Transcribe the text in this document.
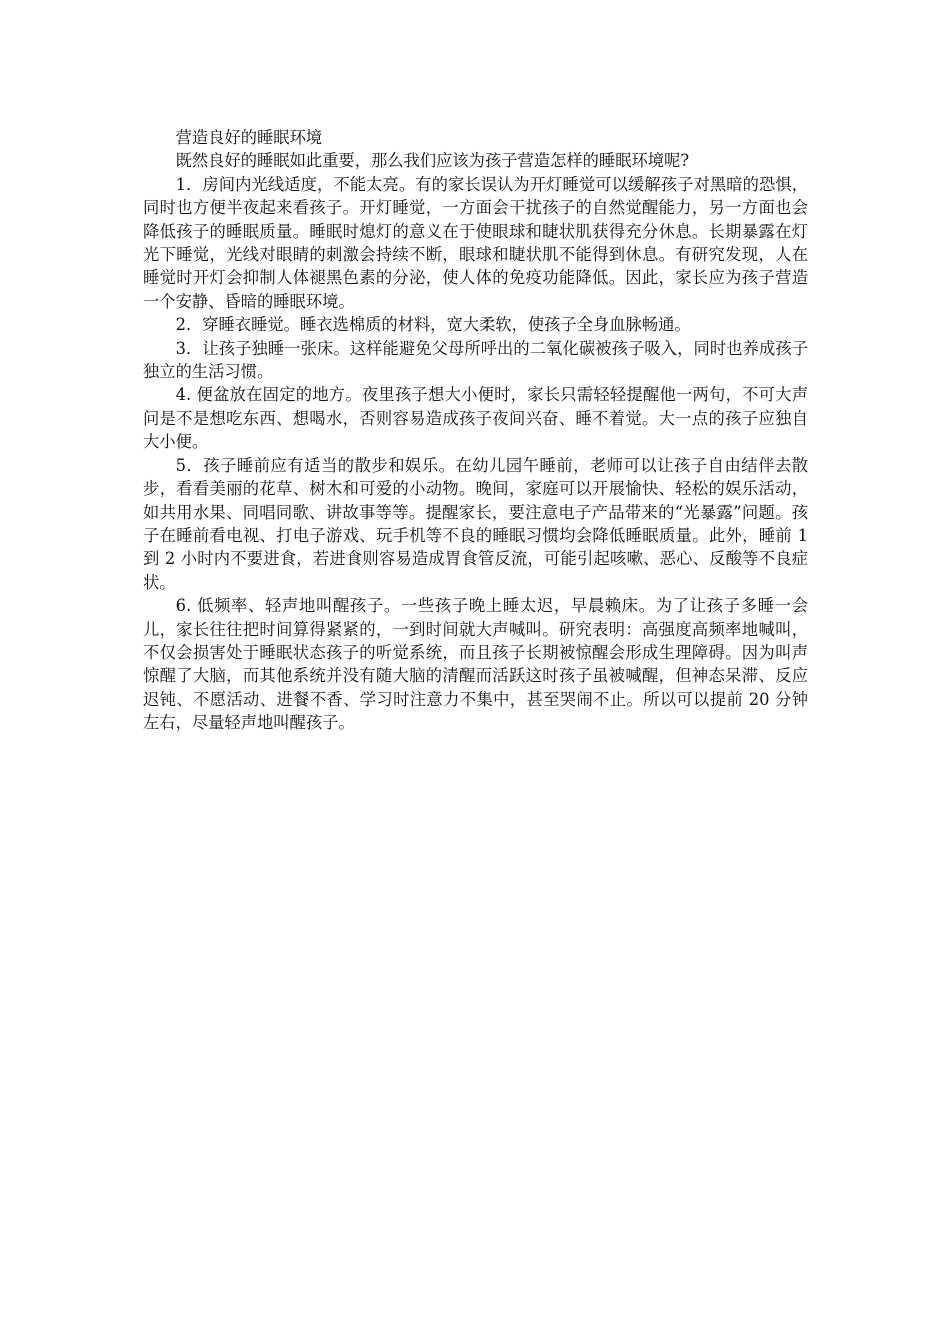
营造良好的睡眠环境

既然良好的睡眠如此重要，那么我们应该为孩子营造怎样的睡眠环境呢?

1．房间内光线适度，不能太亮。有的家长误认为开灯睡觉可以缓解孩子对黑暗的恐惧，同时也方便半夜起来看孩子。开灯睡觉，一方面会干扰孩子的自然觉醒能力，另一方面也会降低孩子的睡眠质量。睡眠时熄灯的意义在于使眼球和睫状肌获得充分休息。长期暴露在灯光下睡觉，光线对眼睛的刺激会持续不断，眼球和睫状肌不能得到休息。有研究发现，人在睡觉时开灯会抑制人体褪黑色素的分泌，使人体的免疫功能降低。因此，家长应为孩子营造一个安静、昏暗的睡眠环境。

2．穿睡衣睡觉。睡衣选棉质的材料，宽大柔软，使孩子全身血脉畅通。

3．让孩子独睡一张床。这样能避免父母所呼出的二氧化碳被孩子吸入，同时也养成孩子独立的生活习惯。

4. 便盆放在固定的地方。夜里孩子想大小便时，家长只需轻轻提醒他一两句，不可大声问是不是想吃东西、想喝水，否则容易造成孩子夜间兴奋、睡不着觉。大一点的孩子应独自大小便。

5．孩子睡前应有适当的散步和娱乐。在幼儿园午睡前，老师可以让孩子自由结伴去散步，看看美丽的花草、树木和可爱的小动物。晚间，家庭可以开展愉快、轻松的娱乐活动，如共用水果、同唱同歌、讲故事等等。提醒家长，要注意电子产品带来的“光暴露”问题。孩子在睡前看电视、打电子游戏、玩手机等不良的睡眠习惯均会降低睡眠质量。此外，睡前 1 到 2 小时内不要进食，若进食则容易造成胃食管反流，可能引起咳嗽、恶心、反酸等不良症状。

6. 低频率、轻声地叫醒孩子。一些孩子晚上睡太迟，早晨赖床。为了让孩子多睡一会儿，家长往往把时间算得紧紧的，一到时间就大声喊叫。研究表明：高强度高频率地喊叫，不仅会损害处于睡眠状态孩子的听觉系统，而且孩子长期被惊醒会形成生理障碍。因为叫声惊醒了大脑，而其他系统并没有随大脑的清醒而活跃这时孩子虽被喊醒，但神态呆滞、反应迟钝、不愿活动、进餐不香、学习时注意力不集中，甚至哭闹不止。所以可以提前 20 分钟左右，尽量轻声地叫醒孩子。
